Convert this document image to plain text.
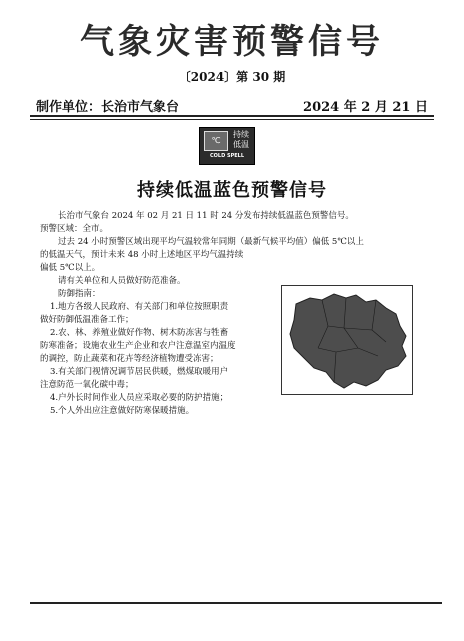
气象灾害预警信号
〔2024〕第 30 期
制作单位：长治市气象台	2024 年 2 月 21 日
℃
持续
低温
COLD SPELL
持续低温蓝色预警信号
长治市气象台 2024 年 02 月 21 日 11 时 24 分发布持续低温蓝色预警信号。
预警区域：全市。
过去 24 小时预警区域出现平均气温较常年同期（最新气候平均值）偏低 5℃以上
的低温天气，预计未来 48 小时上述地区平均气温持续
偏低 5℃以上。
请有关单位和人员做好防范准备。
防御指南：
1.地方各级人民政府、有关部门和单位按照职责
做好防御低温准备工作；
2.农、林、养殖业做好作物、树木防冻害与牲畜
防寒准备；设施农业生产企业和农户注意温室内温度
的调控，防止蔬菜和花卉等经济植物遭受冻害；
3.有关部门视情况调节居民供暖，燃煤取暖用户
注意防范一氧化碳中毒；
4.户外长时间作业人员应采取必要的防护措施；
5.个人外出应注意做好防寒保暖措施。
